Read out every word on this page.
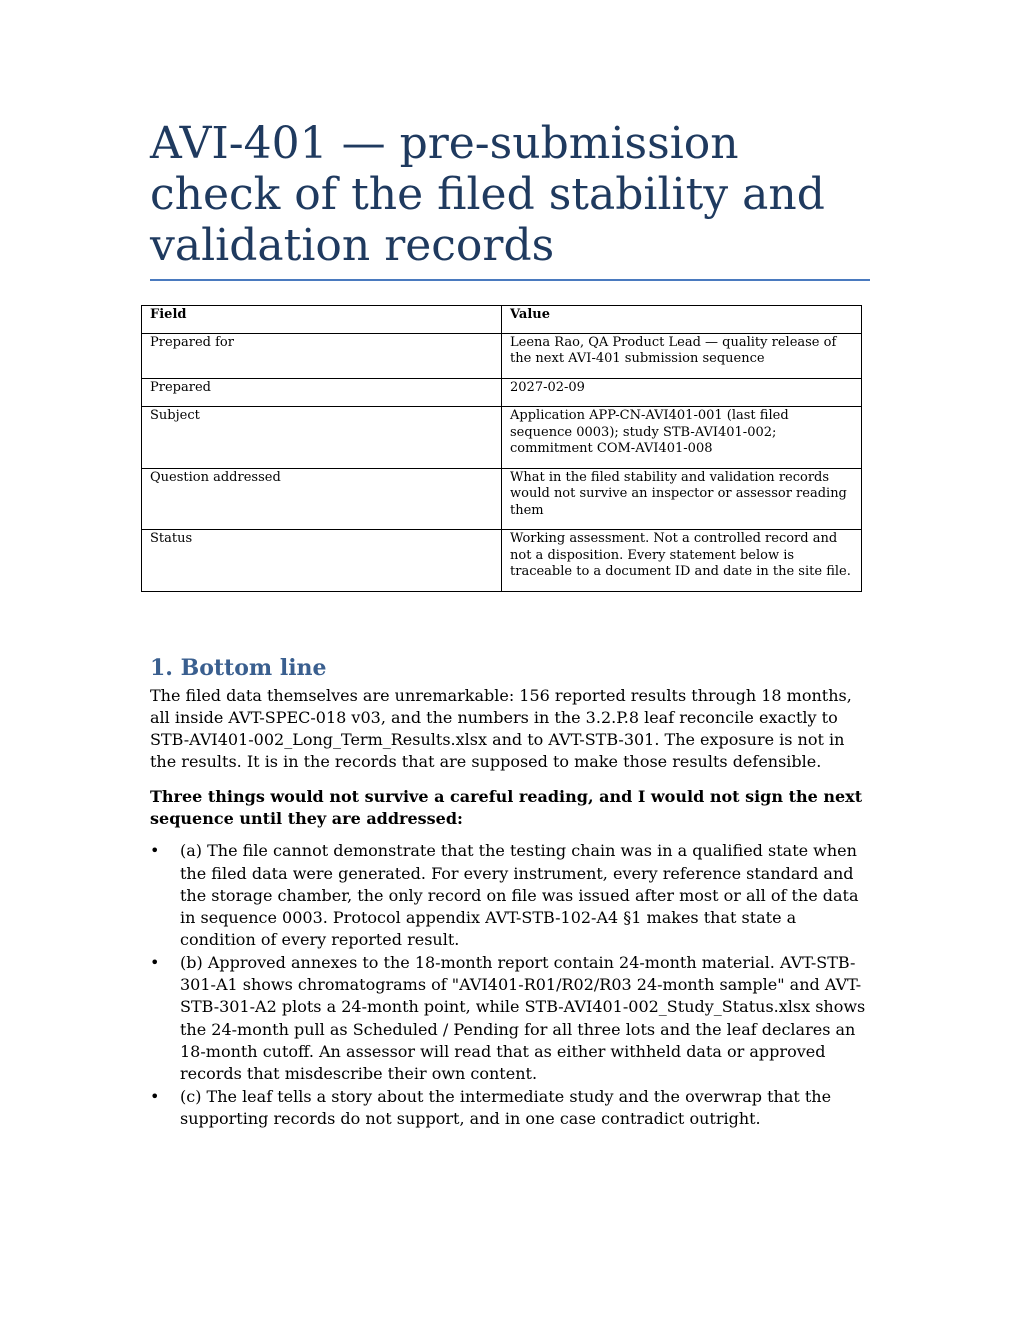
AVI-401 — pre-submission check of the filed stability and validation records
Field	Value
Prepared for	Leena Rao, QA Product Lead — quality release of the next AVI-401 submission sequence
Prepared	2027-02-09
Subject	Application APP-CN-AVI401-001 (last filed sequence 0003); study STB-AVI401-002; commitment COM-AVI401-008
Question addressed	What in the filed stability and validation records would not survive an inspector or assessor reading them
Status	Working assessment. Not a controlled record and not a disposition. Every statement below is traceable to a document ID and date in the site file.
1. Bottom line

The filed data themselves are unremarkable: 156 reported results through 18 months, all inside AVT-SPEC-018 v03, and the numbers in the 3.2.P.8 leaf reconcile exactly to STB-AVI401-002_Long_Term_Results.xlsx and to AVT-STB-301. The exposure is not in the results. It is in the records that are supposed to make those results defensible.

Three things would not survive a careful reading, and I would not sign the next sequence until they are addressed:

• (a) The file cannot demonstrate that the testing chain was in a qualified state when the filed data were generated. For every instrument, every reference standard and the storage chamber, the only record on file was issued after most or all of the data in sequence 0003. Protocol appendix AVT-STB-102-A4 §1 makes that state a condition of every reported result.
• (b) Approved annexes to the 18-month report contain 24-month material. AVT-STB-301-A1 shows chromatograms of "AVI401-R01/R02/R03 24-month sample" and AVT-STB-301-A2 plots a 24-month point, while STB-AVI401-002_Study_Status.xlsx shows the 24-month pull as Scheduled / Pending for all three lots and the leaf declares an 18-month cutoff. An assessor will read that as either withheld data or approved records that misdescribe their own content.
• (c) The leaf tells a story about the intermediate study and the overwrap that the supporting records do not support, and in one case contradict outright.
